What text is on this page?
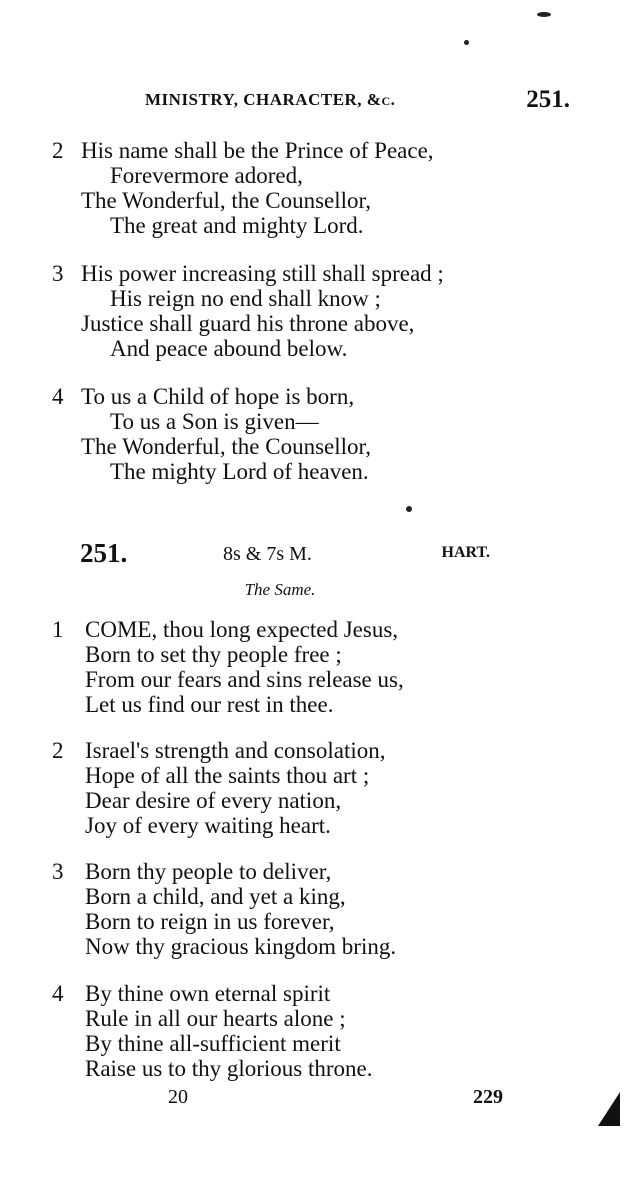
MINISTRY, CHARACTER, &c.	251.
2 His name shall be the Prince of Peace,
Forevermore adored,
The Wonderful, the Counsellor,
The great and mighty Lord.
3 His power increasing still shall spread ;
His reign no end shall know ;
Justice shall guard his throne above,
And peace abound below.
4 To us a Child of hope is born,
To us a Son is given—
The Wonderful, the Counsellor,
The mighty Lord of heaven.
251.	8s & 7s M.	HART.
The Same.
1 COME, thou long expected Jesus,
Born to set thy people free ;
From our fears and sins release us,
Let us find our rest in thee.
2 Israel's strength and consolation,
Hope of all the saints thou art ;
Dear desire of every nation,
Joy of every waiting heart.
3 Born thy people to deliver,
Born a child, and yet a king,
Born to reign in us forever,
Now thy gracious kingdom bring.
4 By thine own eternal spirit
Rule in all our hearts alone ;
By thine all-sufficient merit
Raise us to thy glorious throne.
20	229
